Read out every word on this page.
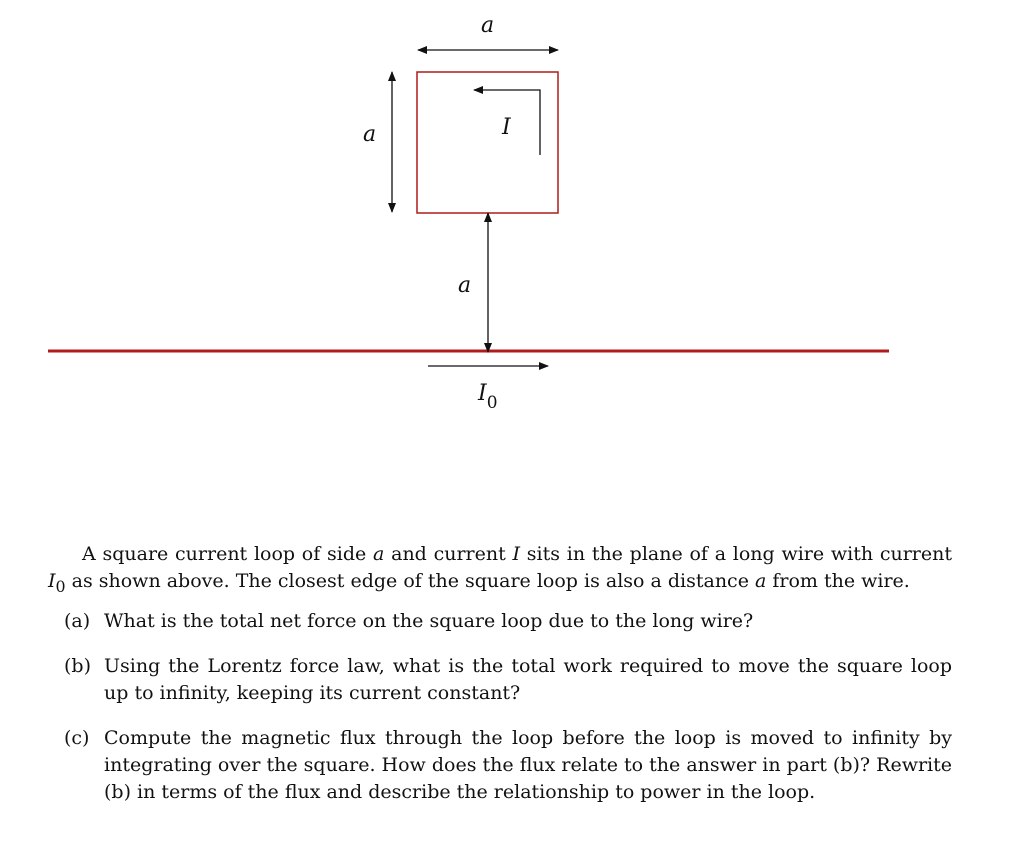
a
a
a
I
I0

A square current loop of side a and current I sits in the plane of a long wire with current $I_0$ as shown above. The closest edge of the square loop is also a distance a from the wire.

(a) What is the total net force on the square loop due to the long wire?
(b) Using the Lorentz force law, what is the total work required to move the square loop up to infinity, keeping its current constant?
(c) Compute the magnetic flux through the loop before the loop is moved to infinity by integrating over the square. How does the flux relate to the answer in part (b)? Rewrite (b) in terms of the flux and describe the relationship to power in the loop.
